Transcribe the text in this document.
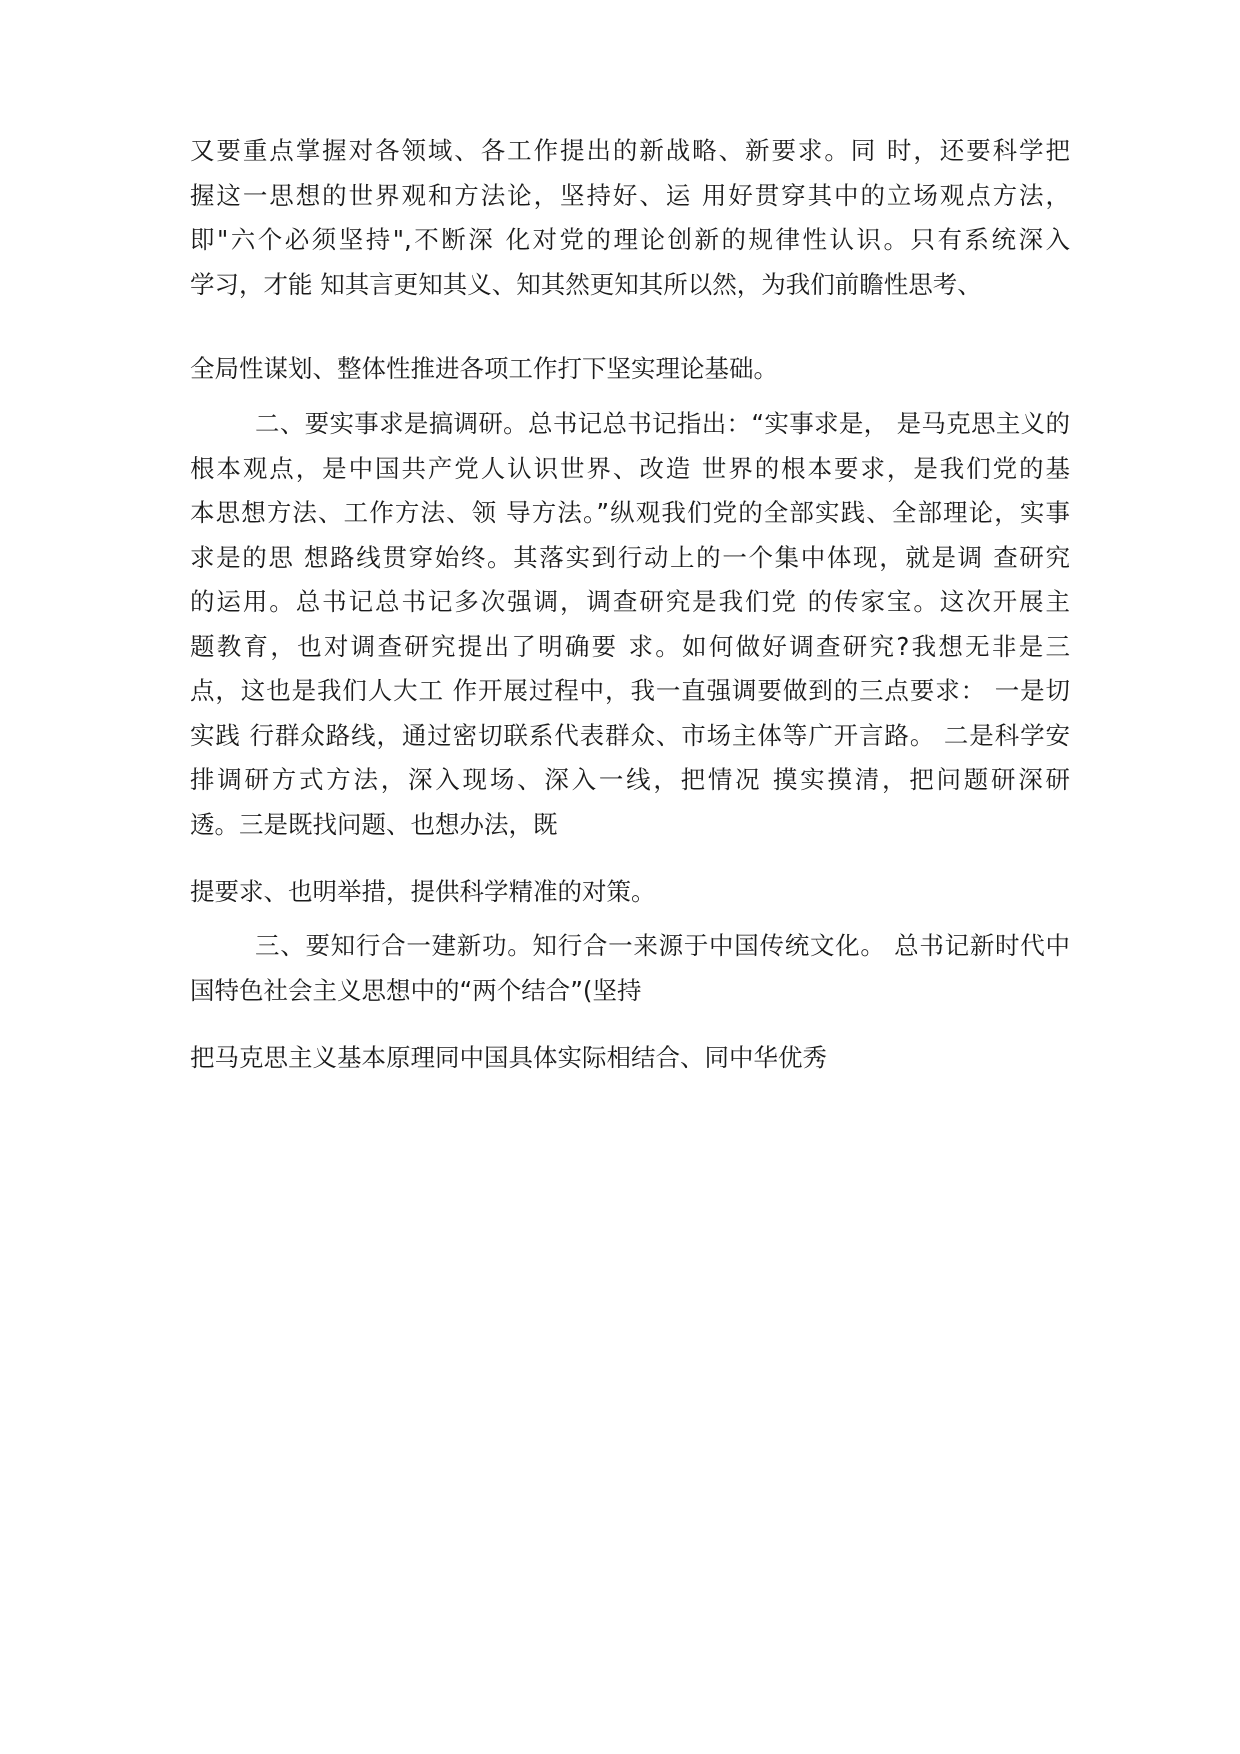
又要重点掌握对各领域、各工作提出的新战略、新要求。同 时，还要科学把
握这一思想的世界观和方法论，坚持好、运 用好贯穿其中的立场观点方法，
即"六个必须坚持",不断深 化对党的理论创新的规律性认识。只有系统深入
学习，才能 知其言更知其义、知其然更知其所以然，为我们前瞻性思考、
全局性谋划、整体性推进各项工作打下坚实理论基础。
二、要实事求是搞调研。总书记总书记指出：“实事求是， 是马克思主义的
根本观点，是中国共产党人认识世界、改造 世界的根本要求，是我们党的基
本思想方法、工作方法、领 导方法。”纵观我们党的全部实践、全部理论，实事
求是的思 想路线贯穿始终。其落实到行动上的一个集中体现，就是调 查研究
的运用。总书记总书记多次强调，调查研究是我们党 的传家宝。这次开展主
题教育，也对调查研究提出了明确要 求。如何做好调查研究?我想无非是三
点，这也是我们人大工 作开展过程中，我一直强调要做到的三点要求： 一是切
实践 行群众路线，通过密切联系代表群众、市场主体等广开言路。 二是科学安
排调研方式方法，深入现场、深入一线，把情况 摸实摸清，把问题研深研
透。三是既找问题、也想办法，既
提要求、也明举措，提供科学精准的对策。
三、要知行合一建新功。知行合一来源于中国传统文化。 总书记新时代中
国特色社会主义思想中的“两个结合”(坚持
把马克思主义基本原理同中国具体实际相结合、同中华优秀
